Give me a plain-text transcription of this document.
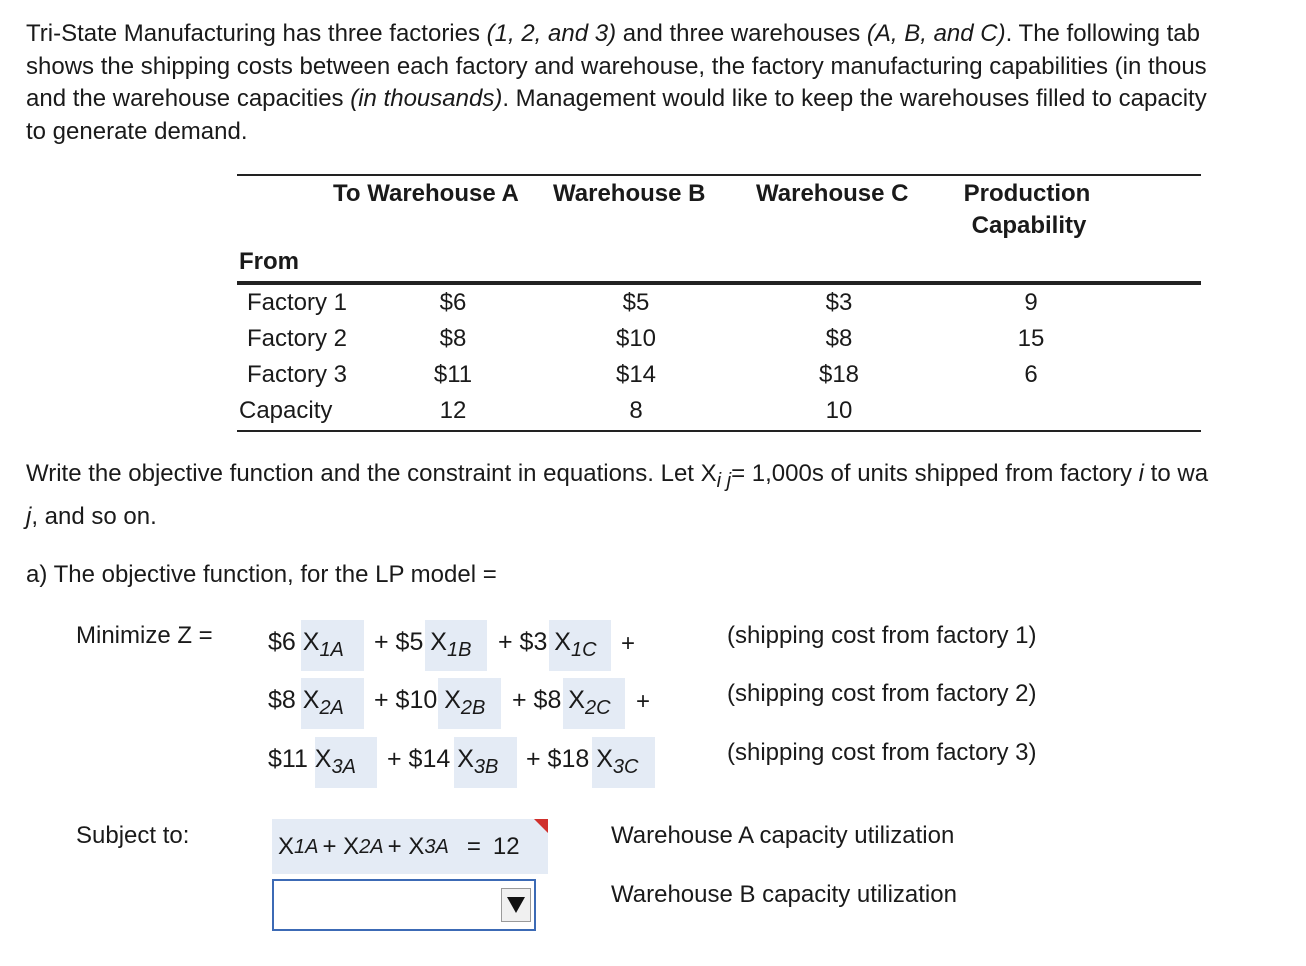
Tri-State Manufacturing has three factories (1, 2, and 3) and three warehouses (A, B, and C). The following tab
shows the shipping costs between each factory and warehouse, the factory manufacturing capabilities (in thous
and the warehouse capacities (in thousands). Management would like to keep the warehouses filled to capacity
to generate demand.
To Warehouse A Warehouse B Warehouse C	Production
Capability
From
Factory 1	$6	$5	$3	9
Factory 2	$8	$10	$8	15
Factory 3	$11	$14	$18	6
Capacity	12	8	10
Write the objective function and the constraint in equations. Let $X_{i j}= 1,000s$ of units shipped from factory i to wa
j, and so on.
a) The objective function, for the LP model =
Minimize Z = $6 $X_{1A}$ + $5 $X_{1B}$ + $3 $X_{1C}$ +	(shipping cost from factory 1)
$8 $X_{2A}$ + $10 $X_{2B}$ + $8 $X_{2C}$ +	(shipping cost from factory 2)
$11 $X_{3A}$ + $14 $X_{3B}$ + $18 $X_{3C}$
(shipping cost from factory 3)
Subject to:	X 1A + X 2A + X 3A = 12	Warehouse A capacity utilization
Warehouse B capacity utilization
